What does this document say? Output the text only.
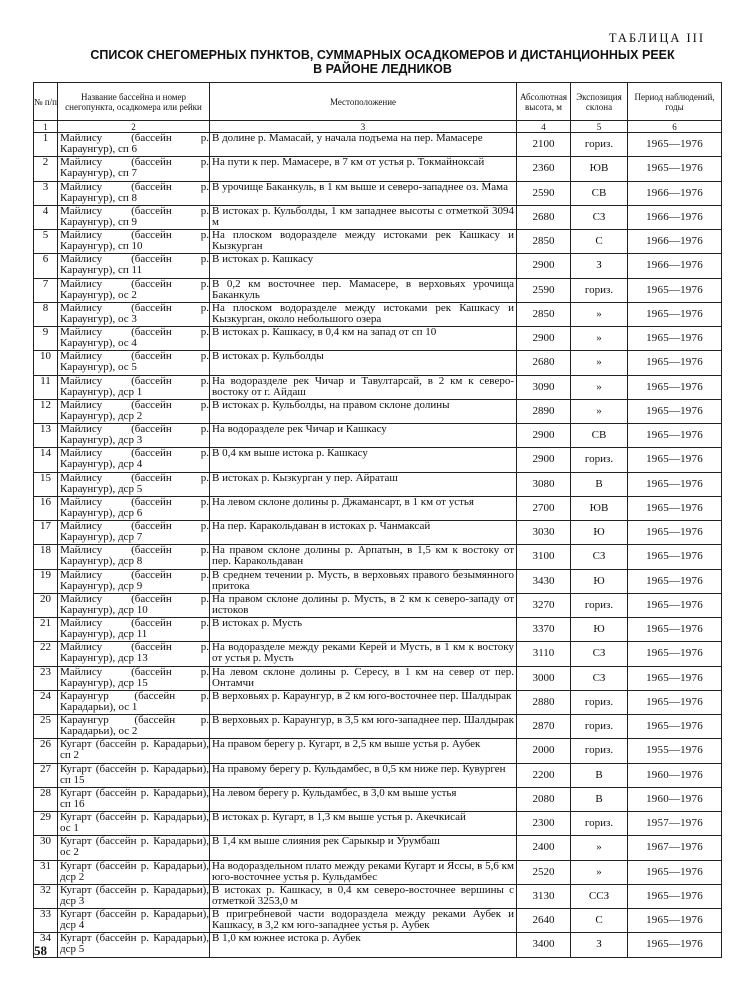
ТАБЛИЦА III
СПИСОК СНЕГОМЕРНЫХ ПУНКТОВ, СУММАРНЫХ ОСАДКОМЕРОВ И ДИСТАНЦИОННЫХ РЕЕК
В РАЙОНЕ ЛЕДНИКОВ
№ п/п	Название бассейна и номер снегопункта, осадкомера или рейки	Местоположение	Абсолютная высота, м	Экспозиция склона	Период наблюдений, годы
1	2	3	4	5	6
1	Майлису (бассейн р. Караунгур), сп 6	В долине р. Мамасай, у начала подъема на пер. Мамасере	2100	гориз.	1965—1976
2	Майлису (бассейн р. Караунгур), сп 7	На пути к пер. Мамасере, в 7 км от устья р. Токмайноксай	2360	ЮВ	1965—1976
3	Майлису (бассейн р. Караунгур), сп 8	В урочище Баканкуль, в 1 км выше и северо-западнее оз. Мама	2590	СВ	1966—1976
4	Майлису (бассейн р. Караунгур), сп 9	В истоках р. Кульболды, 1 км западнее высоты с отметкой 3094 м	2680	СЗ	1966—1976
5	Майлису (бассейн р. Караунгур), сп 10	На плоском водоразделе между истоками рек Кашкасу и Кызкурган	2850	С	1966—1976
6	Майлису (бассейн р. Караунгур), сп 11	В истоках р. Кашкасу	2900	З	1966—1976
7	Майлису (бассейн р. Караунгур), ос 2	В 0,2 км восточнее пер. Мамасере, в верховьях урочища Баканкуль	2590	гориз.	1965—1976
8	Майлису (бассейн р. Караунгур), ос 3	На плоском водоразделе между истоками рек Кашкасу и Кызкурган, около небольшого озера	2850	»	1965—1976
9	Майлису (бассейн р. Караунгур), ос 4	В истоках р. Кашкасу, в 0,4 км на запад от сп 10	2900	»	1965—1976
10	Майлису (бассейн р. Караунгур), ос 5	В истоках р. Кульболды	2680	»	1965—1976
11	Майлису (бассейн р. Караунгур), дср 1	На водоразделе рек Чичар и Тавултарсай, в 2 км к северо-востоку от г. Айдаш	3090	»	1965—1976
12	Майлису (бассейн р. Караунгур), дср 2	В истоках р. Кульболды, на правом склоне долины	2890	»	1965—1976
13	Майлису (бассейн р. Караунгур), дср 3	На водоразделе рек Чичар и Кашкасу	2900	СВ	1965—1976
14	Майлису (бассейн р. Караунгур), дср 4	В 0,4 км выше истока р. Кашкасу	2900	гориз.	1965—1976
15	Майлису (бассейн р. Караунгур), дср 5	В истоках р. Кызкурган у пер. Айраташ	3080	В	1965—1976
16	Майлису (бассейн р. Караунгур), дср 6	На левом склоне долины р. Джамансарт, в 1 км от устья	2700	ЮВ	1965—1976
17	Майлису (бассейн р. Караунгур), дср 7	На пер. Каракольдаван в истоках р. Чанмаксай	3030	Ю	1965—1976
18	Майлису (бассейн р. Караунгур), дср 8	На правом склоне долины р. Арпатын, в 1,5 км к востоку от пер. Каракольдаван	3100	СЗ	1965—1976
19	Майлису (бассейн р. Караунгур), дср 9	В среднем течении р. Мусть, в верховьях правого безымянного притока	3430	Ю	1965—1976
20	Майлису (бассейн р. Караунгур), дср 10	На правом склоне долины р. Мусть, в 2 км к северо-западу от истоков	3270	гориз.	1965—1976
21	Майлису (бассейн р. Караунгур), дср 11	В истоках р. Мусть	3370	Ю	1965—1976
22	Майлису (бассейн р. Караунгур), дср 13	На водоразделе между реками Керей и Мусть, в 1 км к востоку от устья р. Мусть	3110	СЗ	1965—1976
23	Майлису (бассейн р. Караунгур), дср 15	На левом склоне долины р. Сересу, в 1 км на север от пер. Онтамчи	3000	СЗ	1965—1976
24	Караунгур (бассейн р. Карадарьи), ос 1	В верховьях р. Караунгур, в 2 км юго-восточнее пер. Шалдырак	2880	гориз.	1965—1976
25	Караунгур (бассейн р. Карадарьи), ос 2	В верховьях р. Караунгур, в 3,5 км юго-западнее пер. Шалдырак	2870	гориз.	1965—1976
26	Кугарт (бассейн р. Карадарьи), сп 2	На правом берегу р. Кугарт, в 2,5 км выше устья р. Аубек	2000	гориз.	1955—1976
27	Кугарт (бассейн р. Карадарьи), сп 15	На правому берегу р. Кульдамбес, в 0,5 км ниже пер. Кувурген	2200	В	1960—1976
28	Кугарт (бассейн р. Карадарьи), сп 16	На левом берегу р. Кульдамбес, в 3,0 км выше устья	2080	В	1960—1976
29	Кугарт (бассейн р. Карадарьи), ос 1	В истоках р. Кугарт, в 1,3 км выше устья р. Акечкисай	2300	гориз.	1957—1976
30	Кугарт (бассейн р. Карадарьи), ос 2	В 1,4 км выше слияния рек Сарыкыр и Урумбаш	2400	»	1967—1976
31	Кугарт (бассейн р. Карадарьи), дср 2	На водораздельном плато между реками Кугарт и Яссы, в 5,6 км юго-восточнее устья р. Кульдамбес	2520	»	1965—1976
32	Кугарт (бассейн р. Карадарьи), дср 3	В истоках р. Кашкасу, в 0,4 км северо-восточнее вершины с отметкой 3253,0 м	3130	ССЗ	1965—1976
33	Кугарт (бассейн р. Карадарьи), дср 4	В пригребневой части водораздела между реками Аубек и Кашкасу, в 3,2 км юго-западнее устья р. Аубек	2640	С	1965—1976
34	Кугарт (бассейн р. Карадарьи), дср 5	В 1,0 км южнее истока р. Аубек	3400	З	1965—1976
58
